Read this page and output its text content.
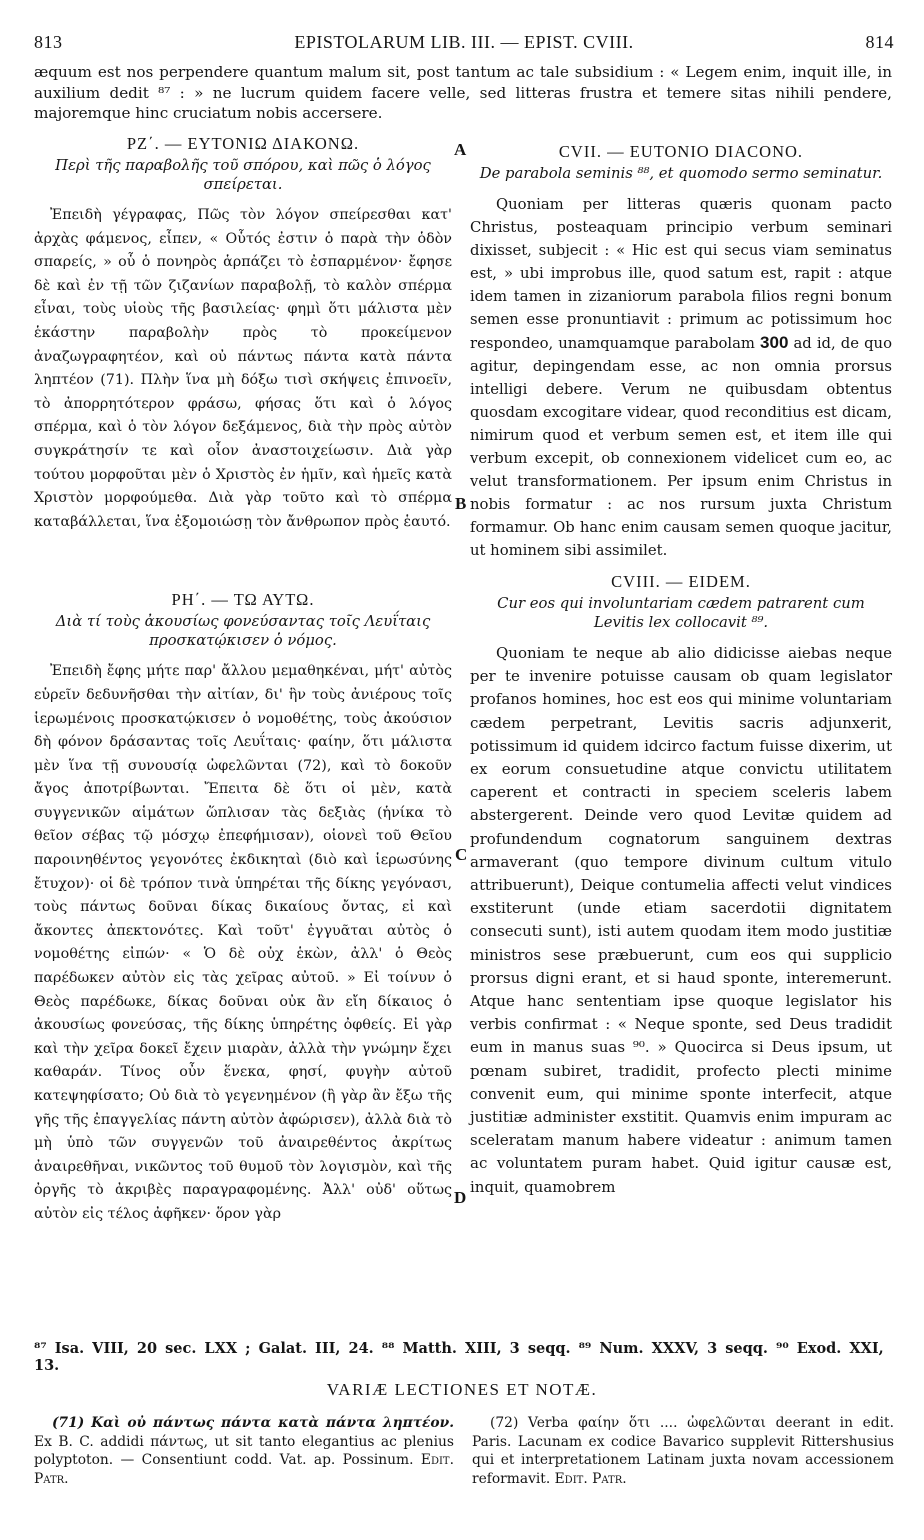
813	EPISTOLARUM LIB. III. — EPIST. CVIII.	814

æquum est nos perpendere quantum malum sit, post tantum ac tale subsidium : « Legem enim, inquit ille, in auxilium dedit ⁸⁷ : » ne lucrum quidem facere velle, sed litteras frustra et temere sitas nihili pendere, majoremque hinc cruciatum nobis accersere.

A
B
C
D
ΡΖ΄. — ΕΥΤΟΝΙΩ ΔΙΑΚΟΝΩ.
Περὶ τῆς παραβολῆς τοῦ σπόρου, καὶ πῶς ὁ λόγος σπείρεται.

Ἐπειδὴ γέγραφας, Πῶς τὸν λόγον σπείρεσθαι κατ' ἀρχὰς φάμενος, εἶπεν, « Οὗτός ἐστιν ὁ παρὰ τὴν ὁδὸν σπαρείς, » οὗ ὁ πονηρὸς ἁρπάζει τὸ ἐσπαρμένον· ἔφησε δὲ καὶ ἐν τῇ τῶν ζιζανίων παραβολῇ, τὸ καλὸν σπέρμα εἶναι, τοὺς υἱοὺς τῆς βασιλείας· φημὶ ὅτι μάλιστα μὲν ἑκάστην παραβολὴν πρὸς τὸ προκείμενον ἀναζωγραφητέον, καὶ οὐ πάντως πάντα κατὰ πάντα ληπτέον (71). Πλὴν ἵνα μὴ δόξω τισὶ σκήψεις ἐπινοεῖν, τὸ ἀπορρητότερον φράσω, φήσας ὅτι καὶ ὁ λόγος σπέρμα, καὶ ὁ τὸν λόγον δεξάμενος, διὰ τὴν πρὸς αὐτὸν συγκράτησίν τε καὶ οἷον ἀναστοιχείωσιν. Διὰ γὰρ τούτου μορφοῦται μὲν ὁ Χριστὸς ἐν ἡμῖν, καὶ ἡμεῖς κατὰ Χριστὸν μορφούμεθα. Διὰ γὰρ τοῦτο καὶ τὸ σπέρμα καταβάλλεται, ἵνα ἐξομοιώσῃ τὸν ἄνθρωπον πρὸς ἑαυτό.

ΡΗ΄. — ΤΩ ΑΥΤΩ.
Διὰ τί τοὺς ἀκουσίως φονεύσαντας τοῖς Λευΐταις προσκατῴκισεν ὁ νόμος.

Ἐπειδὴ ἔφης μήτε παρ' ἄλλου μεμαθηκέναι, μήτ' αὐτὸς εὑρεῖν δεδυνῆσθαι τὴν αἰτίαν, δι' ἣν τοὺς ἀνιέρους τοῖς ἱερωμένοις προσκατῴκισεν ὁ νομοθέτης, τοὺς ἀκούσιον δὴ φόνον δράσαντας τοῖς Λευΐταις· φαίην, ὅτι μάλιστα μὲν ἵνα τῇ συνουσίᾳ ὠφελῶνται (72), καὶ τὸ δοκοῦν ἄγος ἀποτρίβωνται. Ἔπειτα δὲ ὅτι οἱ μὲν, κατὰ συγγενικῶν αἱμάτων ὥπλισαν τὰς δεξιὰς (ἡνίκα τὸ θεῖον σέβας τῷ μόσχῳ ἐπεφήμισαν), οἱονεὶ τοῦ Θεῖου παροινηθέντος γεγονότες ἐκδικηταὶ (διὸ καὶ ἱερωσύνης ἔτυχον)· οἱ δὲ τρόπον τινὰ ὑπηρέται τῆς δίκης γεγόνασι, τοὺς πάντως δοῦναι δίκας δικαίους ὄντας, εἰ καὶ ἄκοντες ἀπεκτονότες. Καὶ τοῦτ' ἐγγυᾶται αὐτὸς ὁ νομοθέτης εἰπών· « Ὁ δὲ οὐχ ἑκὼν, ἀλλ' ὁ Θεὸς παρέδωκεν αὐτὸν εἰς τὰς χεῖρας αὐτοῦ. » Εἰ τοίνυν ὁ Θεὸς παρέδωκε, δίκας δοῦναι οὐκ ἂν εἴη δίκαιος ὁ ἀκουσίως φονεύσας, τῆς δίκης ὑπηρέτης ὀφθείς. Εἰ γὰρ καὶ τὴν χεῖρα δοκεῖ ἔχειν μιαρὰν, ἀλλὰ τὴν γνώμην ἔχει καθαράν. Τίνος οὖν ἕνεκα, φησί, φυγὴν αὐτοῦ κατεψηφίσατο; Οὐ διὰ τὸ γεγενημένον (ἢ γὰρ ἂν ἔξω τῆς γῆς τῆς ἐπαγγελίας πάντη αὐτὸν ἀφώρισεν), ἀλλὰ διὰ τὸ μὴ ὑπὸ τῶν συγγενῶν τοῦ ἀναιρεθέντος ἀκρίτως ἀναιρεθῆναι, νικῶντος τοῦ θυμοῦ τὸν λογισμὸν, καὶ τῆς ὀργῆς τὸ ἀκριβὲς παραγραφομένης. Ἀλλ' οὐδ' οὕτως αὐτὸν εἰς τέλος ἀφῆκεν· ὅρον γὰρ

CVII. — EUTONIO DIACONO.
De parabola seminis ⁸⁸, et quomodo sermo seminatur.

Quoniam per litteras quæris quonam pacto Christus, posteaquam principio verbum seminari dixisset, subjecit : « Hic est qui secus viam seminatus est, » ubi improbus ille, quod satum est, rapit : atque idem tamen in zizaniorum parabola filios regni bonum semen esse pronuntiavit : primum ac potissimum hoc respondeo, unamquamque parabolam 300 ad id, de quo agitur, depingendam esse, ac non omnia prorsus intelligi debere. Verum ne quibusdam obtentus quosdam excogitare videar, quod reconditius est dicam, nimirum quod et verbum semen est, et item ille qui verbum excepit, ob connexionem videlicet cum eo, ac velut transformationem. Per ipsum enim Christus in nobis formatur : ac nos rursum juxta Christum formamur. Ob hanc enim causam semen quoque jacitur, ut hominem sibi assimilet.

CVIII. — EIDEM.
Cur eos qui involuntariam cædem patrarent cum Levitis lex collocavit ⁸⁹.

Quoniam te neque ab alio didicisse aiebas neque per te invenire potuisse causam ob quam legislator profanos homines, hoc est eos qui minime voluntariam cædem perpetrant, Levitis sacris adjunxerit, potissimum id quidem idcirco factum fuisse dixerim, ut ex eorum consuetudine atque convictu utilitatem caperent et contracti in speciem sceleris labem abstergerent. Deinde vero quod Levitæ quidem ad profundendum cognatorum sanguinem dextras armaverant (quo tempore divinum cultum vitulo attribuerunt), Deique contumelia affecti velut vindices exstiterunt (unde etiam sacerdotii dignitatem consecuti sunt), isti autem quodam item modo justitiæ ministros sese præbuerunt, cum eos qui supplicio prorsus digni erant, et si haud sponte, interemerunt. Atque hanc sententiam ipse quoque legislator his verbis confirmat : « Neque sponte, sed Deus tradidit eum in manus suas ⁹⁰. » Quocirca si Deus ipsum, ut pœnam subiret, tradidit, profecto plecti minime convenit eum, qui minime sponte interfecit, atque justitiæ administer exstitit. Quamvis enim impuram ac sceleratam manum habere videatur : animum tamen ac voluntatem puram habet. Quid igitur causæ est, inquit, quamobrem

⁸⁷ Isa. VIII, 20 sec. LXX ; Galat. III, 24. ⁸⁸ Matth. XIII, 3 seqq. ⁸⁹ Num. XXXV, 3 seqq. ⁹⁰ Exod. XXI, 13.
VARIÆ LECTIONES ET NOTÆ.

(71) Καὶ οὐ πάντως πάντα κατὰ πάντα ληπτέον. Ex B. C. addidi πάντως, ut sit tanto elegantius ac plenius polyptoton. — Consentiunt codd. Vat. ap. Possinum. Edit. Patr.

(72) Verba φαίην ὅτι .... ὠφελῶνται deerant in edit. Paris. Lacunam ex codice Bavarico supplevit Rittershusius qui et interpretationem Latinam juxta novam accessionem reformavit. Edit. Patr.
